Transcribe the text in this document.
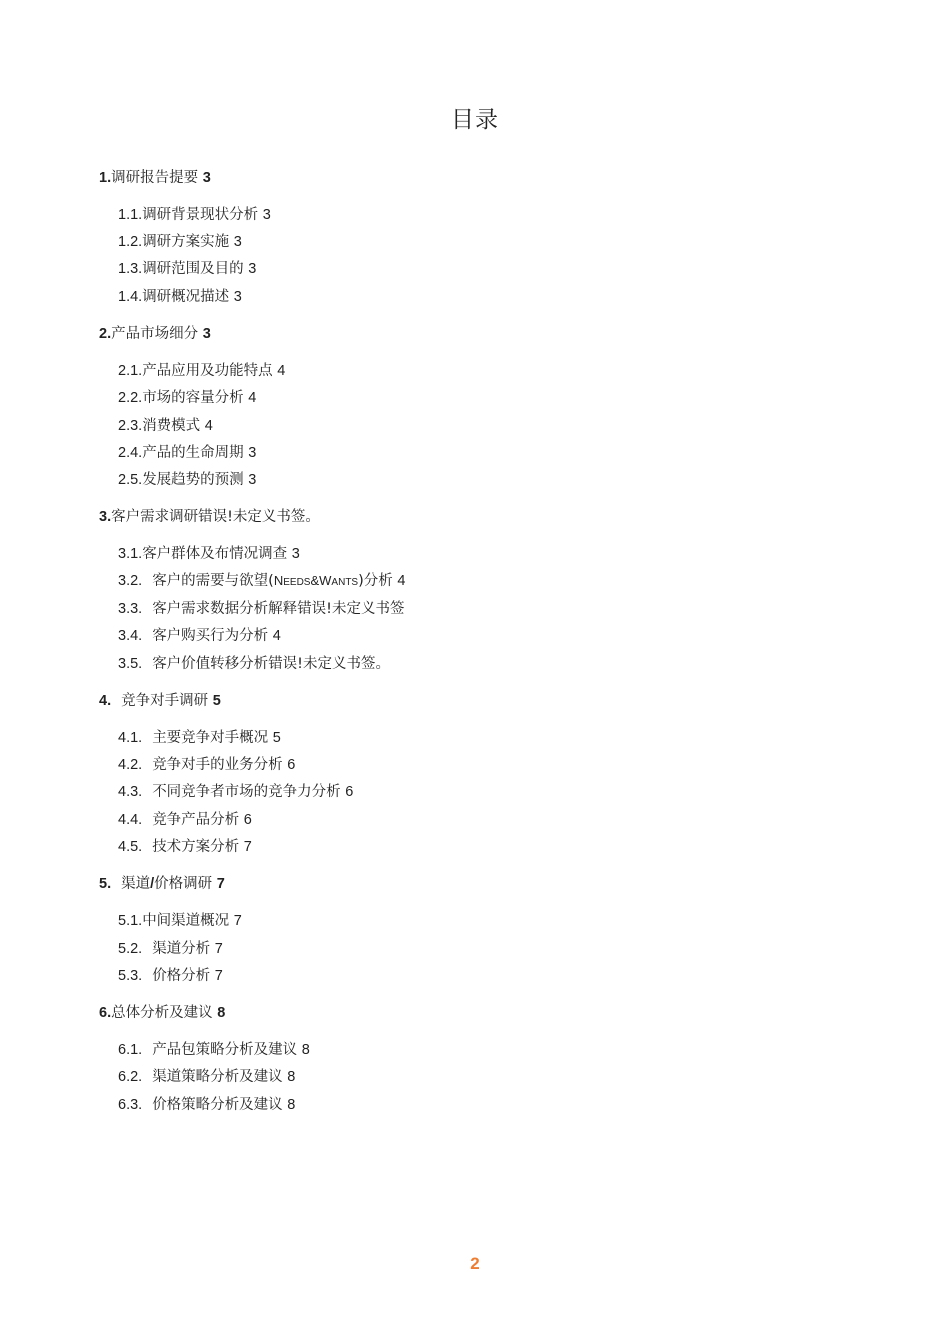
目录
1.调研报告提要 3
1.1.调研背景现状分析 3
1.2.调研方案实施 3
1.3.调研范围及目的 3
1.4.调研概况描述 3
2.产品市场细分 3
2.1.产品应用及功能特点 4
2.2.市场的容量分析 4
2.3.消费模式 4
2.4.产品的生命周期 3
2.5.发展趋势的预测 3
3.客户需求调研错误!未定义书签。
3.1.客户群体及布情况调查 3
3.2. 客户的需要与欲望(NEEDS&WANTS)分析 4
3.3. 客户需求数据分析解释错误!未定义书签
3.4. 客户购买行为分析 4
3.5. 客户价值转移分析错误!未定义书签。
4. 竞争对手调研 5
4.1. 主要竞争对手概况 5
4.2. 竞争对手的业务分析 6
4.3. 不同竞争者市场的竞争力分析 6
4.4. 竞争产品分析 6
4.5. 技术方案分析 7
5. 渠道/价格调研 7
5.1.中间渠道概况 7
5.2. 渠道分析 7
5.3. 价格分析 7
6.总体分析及建议 8
6.1. 产品包策略分析及建议 8
6.2. 渠道策略分析及建议 8
6.3. 价格策略分析及建议 8
2
